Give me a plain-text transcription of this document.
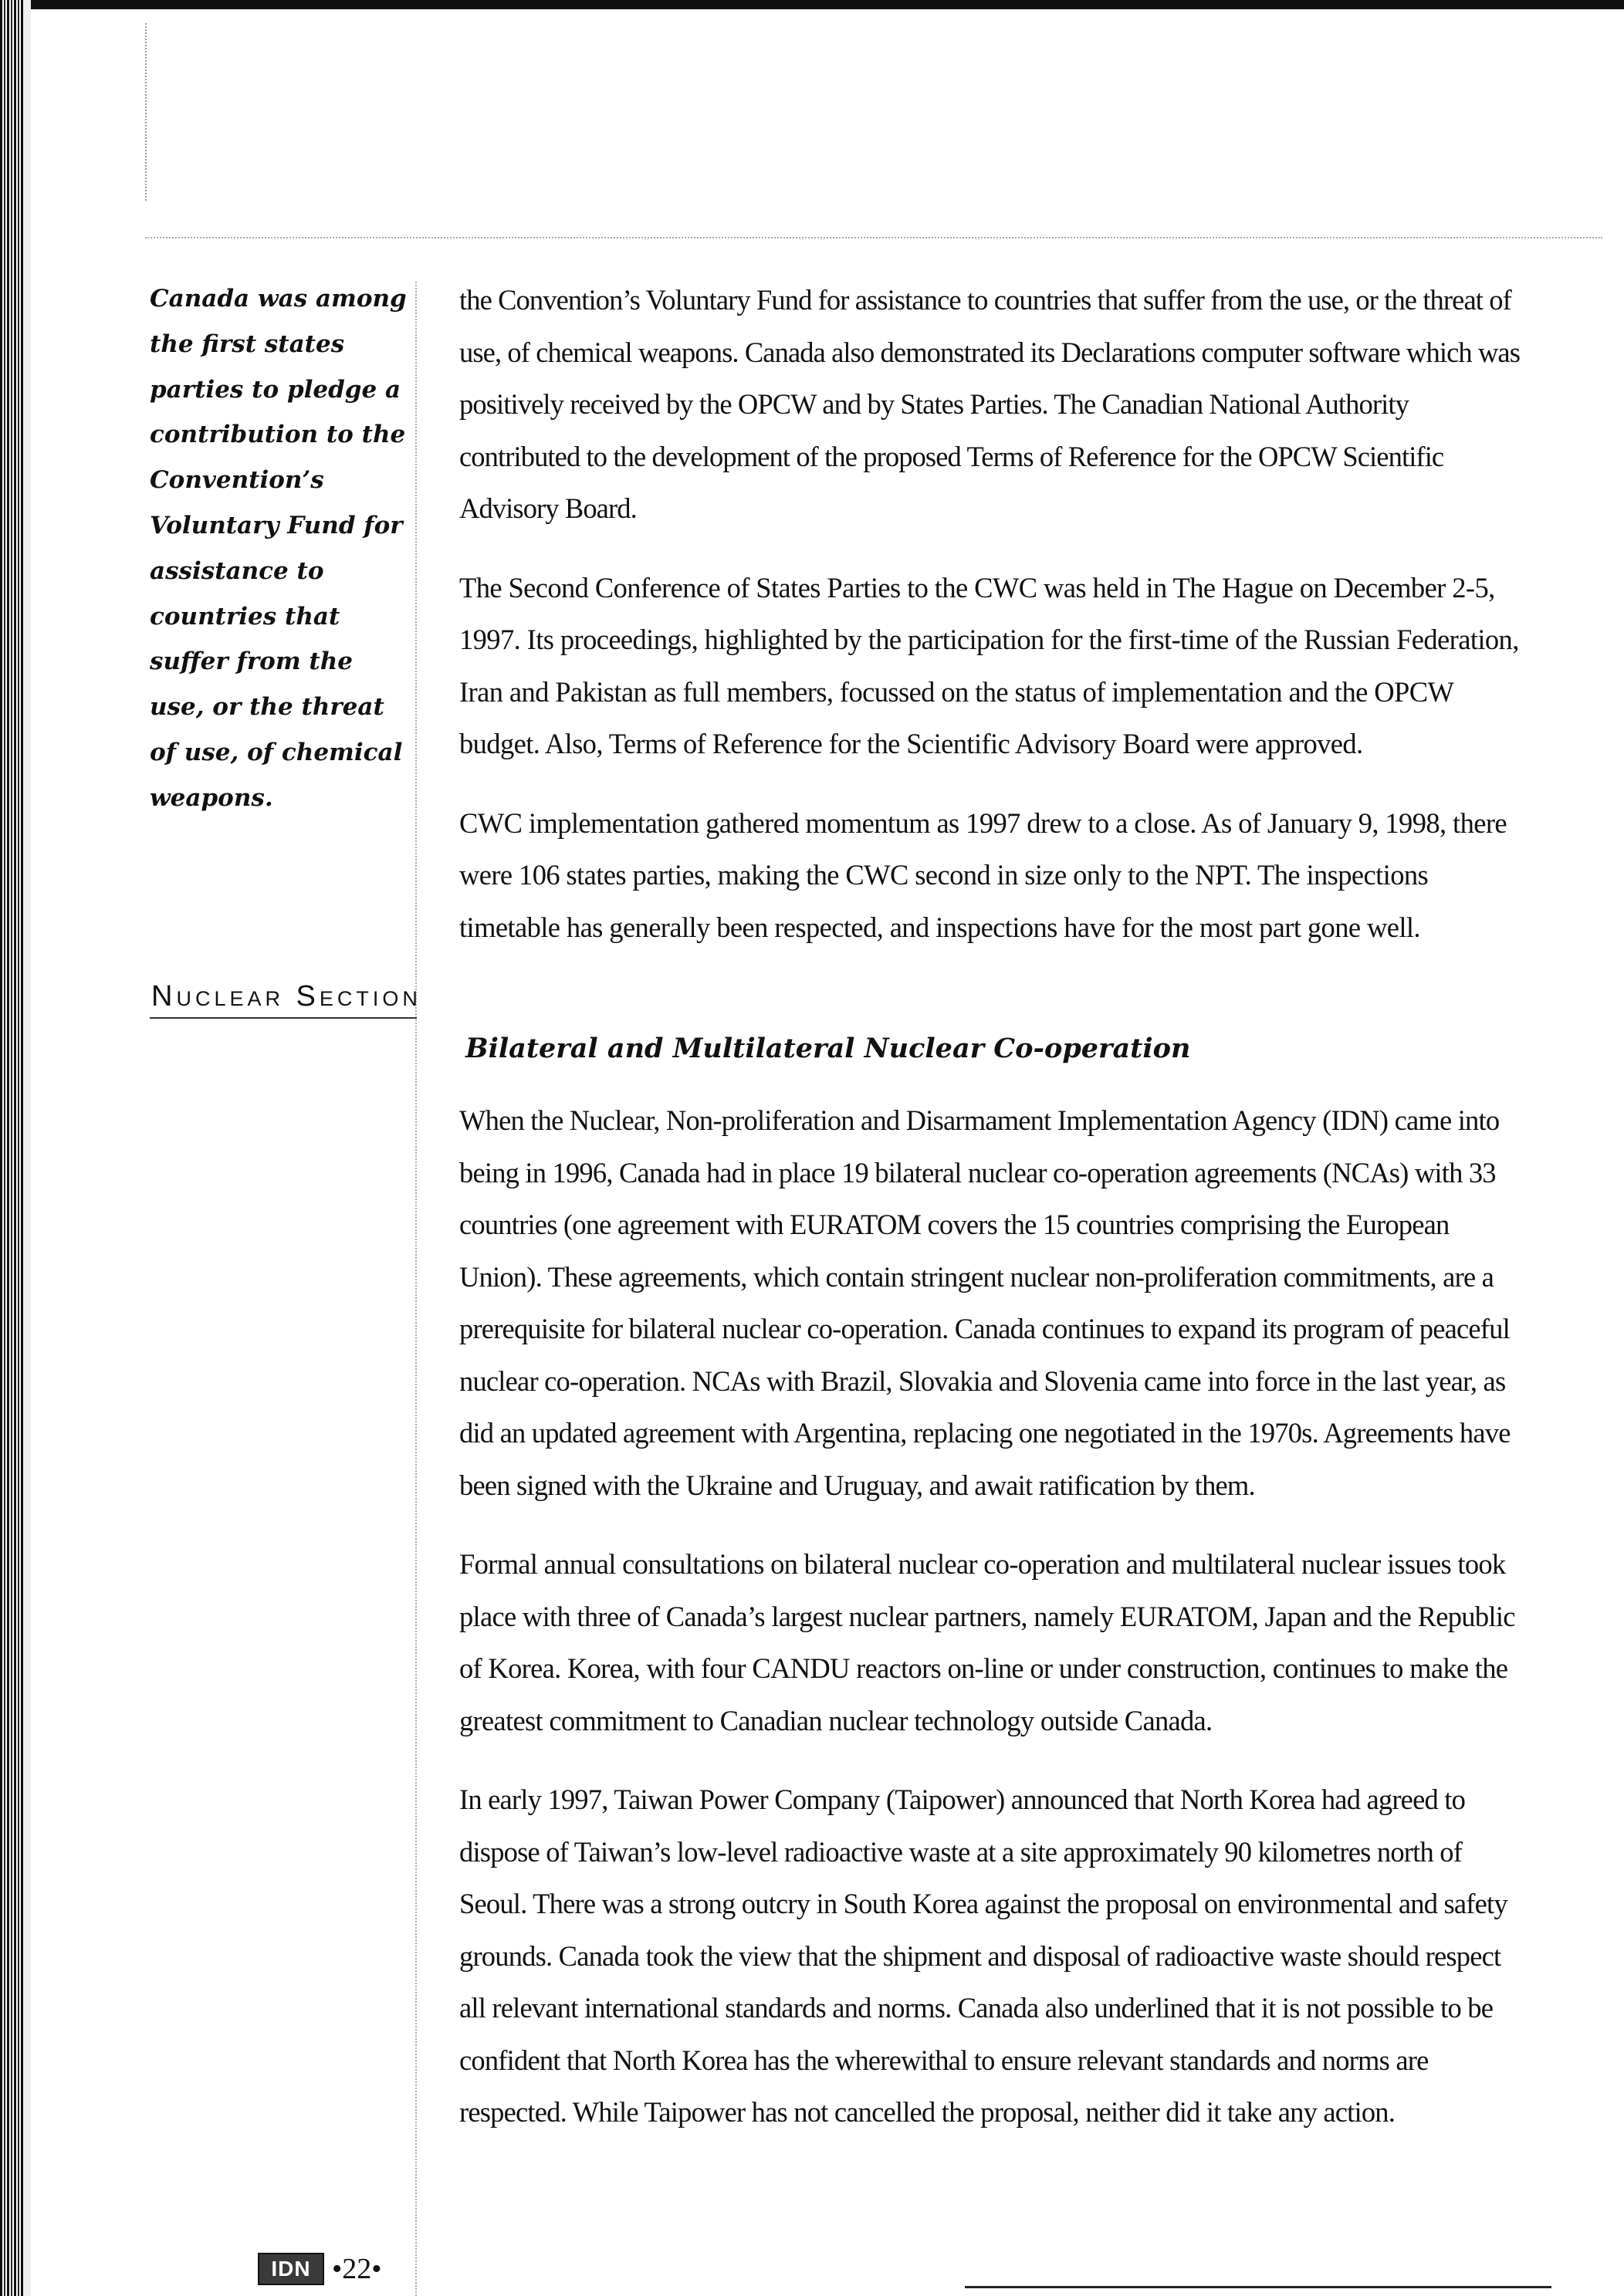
Canada was among the first states parties to pledge a contribution to the Convention’s Voluntary Fund for assistance to countries that suffer from the use, or the threat of use, of chemical weapons.
Nuclear Section

the Convention’s Voluntary Fund for assistance to countries that suffer from the use, or the threat of use, of chemical weapons. Canada also demonstrated its Declarations computer software which was positively received by the OPCW and by States Parties. The Canadian National Authority contributed to the development of the proposed Terms of Reference for the OPCW Scientific Advisory Board.

The Second Conference of States Parties to the CWC was held in The Hague on December 2-5, 1997. Its proceedings, highlighted by the participation for the first-time of the Russian Federation, Iran and Pakistan as full members, focussed on the status of implementation and the OPCW budget. Also, Terms of Reference for the Scientific Advisory Board were approved.

CWC implementation gathered momentum as 1997 drew to a close. As of January 9, 1998, there were 106 states parties, making the CWC second in size only to the NPT. The inspections timetable has generally been respected, and inspections have for the most part gone well.

Bilateral and Multilateral Nuclear Co-operation

When the Nuclear, Non-proliferation and Disarmament Implementation Agency (IDN) came into being in 1996, Canada had in place 19 bilateral nuclear co-operation agreements (NCAs) with 33 countries (one agreement with EURATOM covers the 15 countries comprising the European Union). These agreements, which contain stringent nuclear non-proliferation commitments, are a prerequisite for bilateral nuclear co-operation. Canada continues to expand its program of peaceful nuclear co-operation. NCAs with Brazil, Slovakia and Slovenia came into force in the last year, as did an updated agreement with Argentina, replacing one negotiated in the 1970s. Agreements have been signed with the Ukraine and Uruguay, and await ratification by them.

Formal annual consultations on bilateral nuclear co-operation and multilateral nuclear issues took place with three of Canada’s largest nuclear partners, namely EURATOM, Japan and the Republic of Korea. Korea, with four CANDU reactors on-line or under construction, continues to make the greatest commitment to Canadian nuclear technology outside Canada.

In early 1997, Taiwan Power Company (Taipower) announced that North Korea had agreed to dispose of Taiwan’s low-level radioactive waste at a site approximately 90 kilometres north of Seoul. There was a strong outcry in South Korea against the proposal on environmental and safety grounds. Canada took the view that the shipment and disposal of radioactive waste should respect all relevant international standards and norms. Canada also underlined that it is not possible to be confident that North Korea has the wherewithal to ensure relevant standards and norms are respected. While Taipower has not cancelled the proposal, neither did it take any action.

IDN •22•
